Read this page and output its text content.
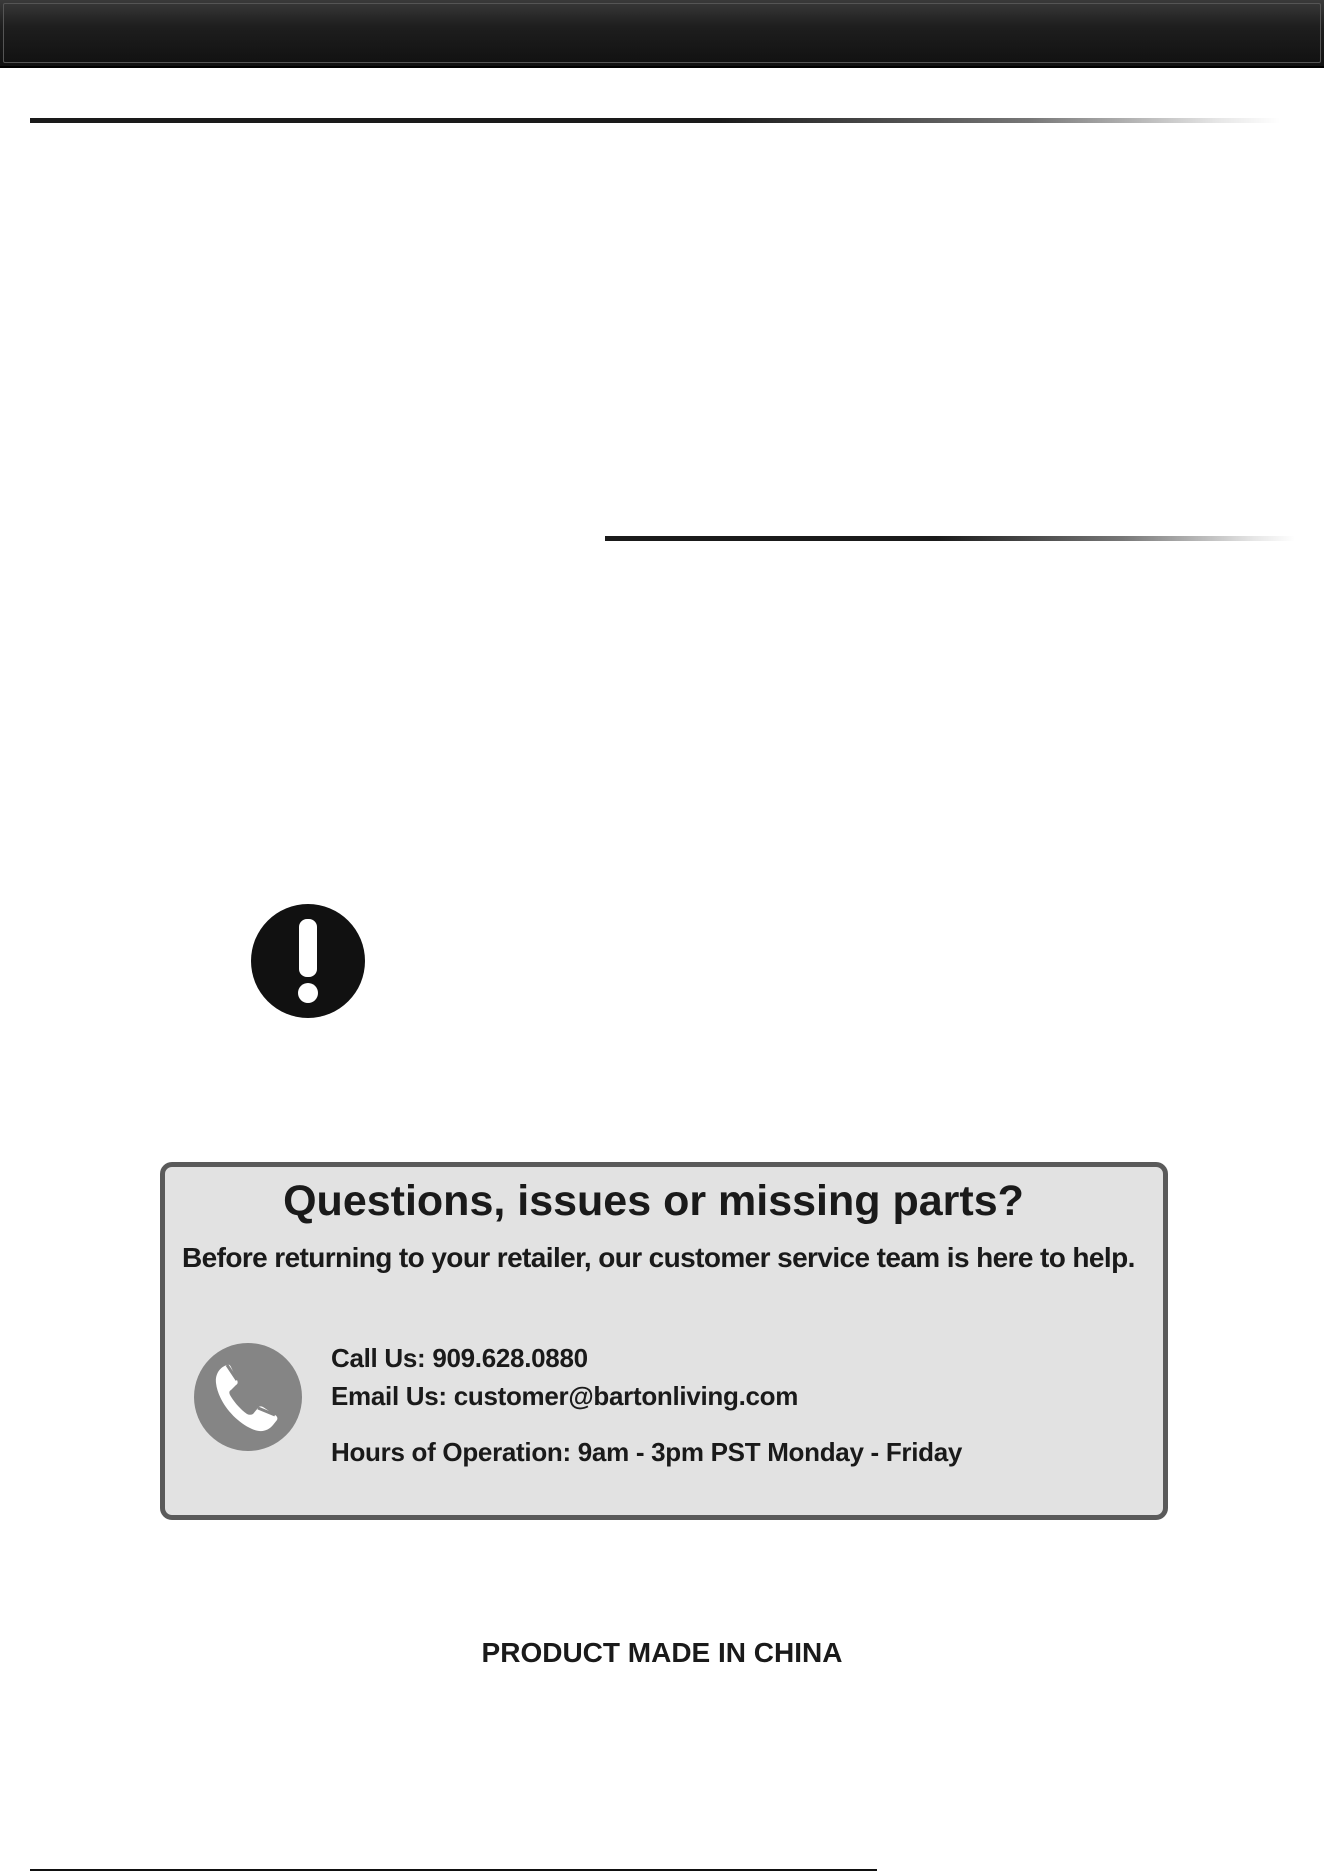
Questions, issues or missing parts?
Before returning to your retailer, our customer service team is here to help.
Call Us: 909.628.0880
Email Us: customer@bartonliving.com
Hours of Operation: 9am - 3pm PST Monday - Friday
PRODUCT MADE IN CHINA
